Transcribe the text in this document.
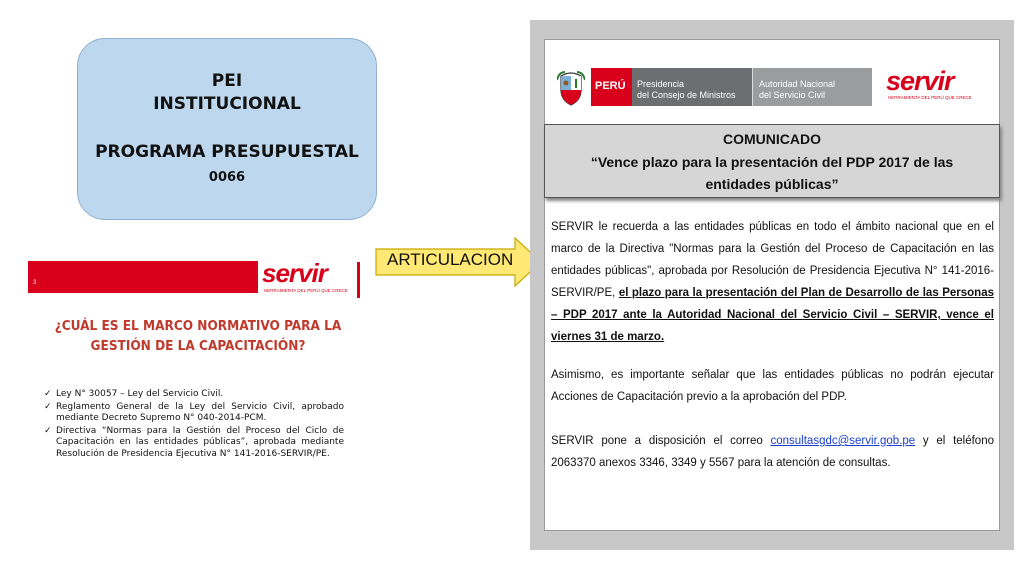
PEI
INSTITUCIONAL
PROGRAMA PRESUPUESTAL
0066
3	servir
HERRAMIENTA DEL PERÚ QUE CRECE
¿CUÁL ES EL MARCO NORMATIVO PARA LA GESTIÓN DE LA CAPACITACIÓN?
✓ Ley N° 30057 – Ley del Servicio Civil.
✓ Reglamento General de la Ley del Servicio Civil, aprobado mediante Decreto Supremo N° 040-2014-PCM.
✓ Directiva “Normas para la Gestión del Proceso del Ciclo de Capacitación en las entidades públicas”, aprobada mediante Resolución de Presidencia Ejecutiva N° 141-2016-SERVIR/PE.
ARTICULACION
PERÚ	Presidencia
del Consejo de Ministros
Autoridad Nacional
del Servicio Civil	servir
HERRAMIENTA DEL PERÚ QUE CRECE
COMUNICADO
“Vence plazo para la presentación del PDP 2017 de las entidades públicas”
SERVIR le recuerda a las entidades públicas en todo el ámbito nacional que en el marco de la Directiva "Normas para la Gestión del Proceso de Capacitación en las entidades públicas", aprobada por Resolución de Presidencia Ejecutiva N° 141-2016-SERVIR/PE, el plazo para la presentación del Plan de Desarrollo de las Personas – PDP 2017 ante la Autoridad Nacional del Servicio Civil – SERVIR, vence el viernes 31 de marzo.
Asimismo, es importante señalar que las entidades públicas no podrán ejecutar Acciones de Capacitación previo a la aprobación del PDP.
SERVIR pone a disposición el correo consultasgdc@servir.gob.pe y el teléfono 2063370 anexos 3346, 3349 y 5567 para la atención de consultas.
